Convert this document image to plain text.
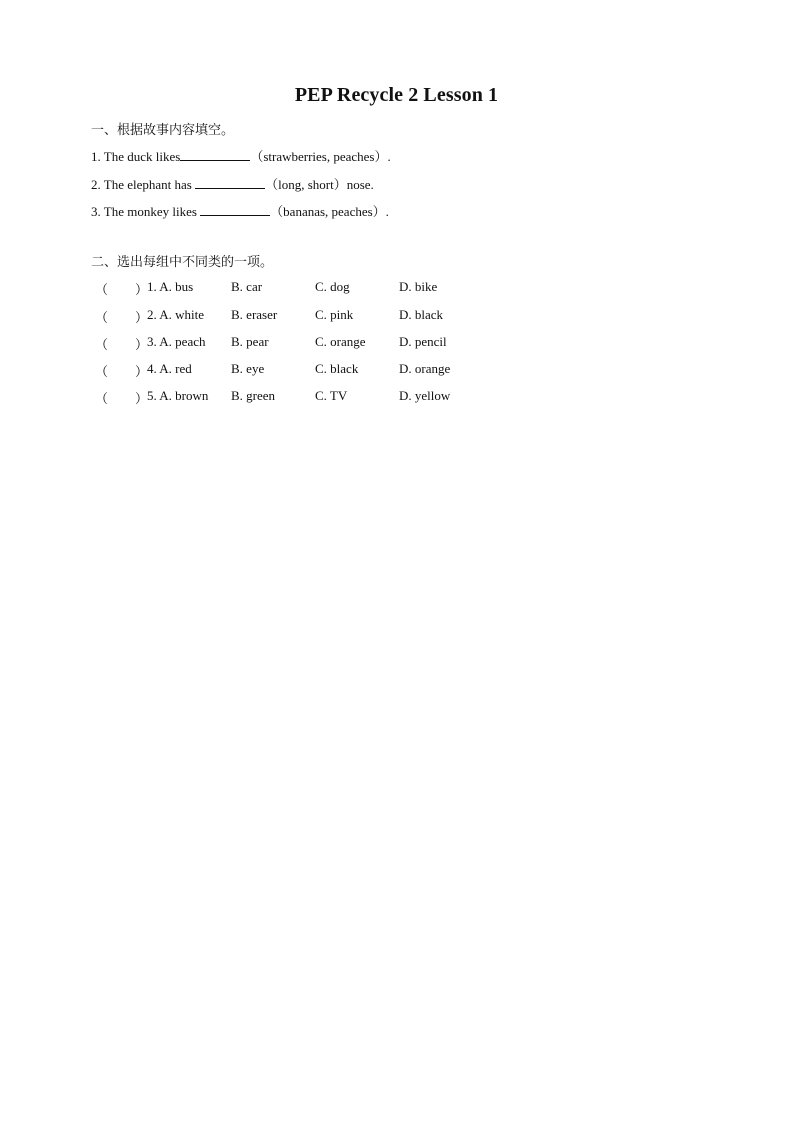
PEP Recycle 2 Lesson 1
一、根据故事内容填空。
1. The duck likes	（strawberries, peaches）.
2. The elephant has	（long, short）nose.
3. The monkey likes	（bananas, peaches）.
二、选出每组中不同类的一项。
（ ）
1. A. bus	B. car	C. dog	D. bike
（ ）
2. A. white B. eraser	C. pink	D. black
（ ）
3. A. peach B. pear	C. orange	D. pencil
（ ）
4. A. red	B. eye	C. black	D. orange
（ ）
5. A. brown B. green	C. TV	D. yellow
